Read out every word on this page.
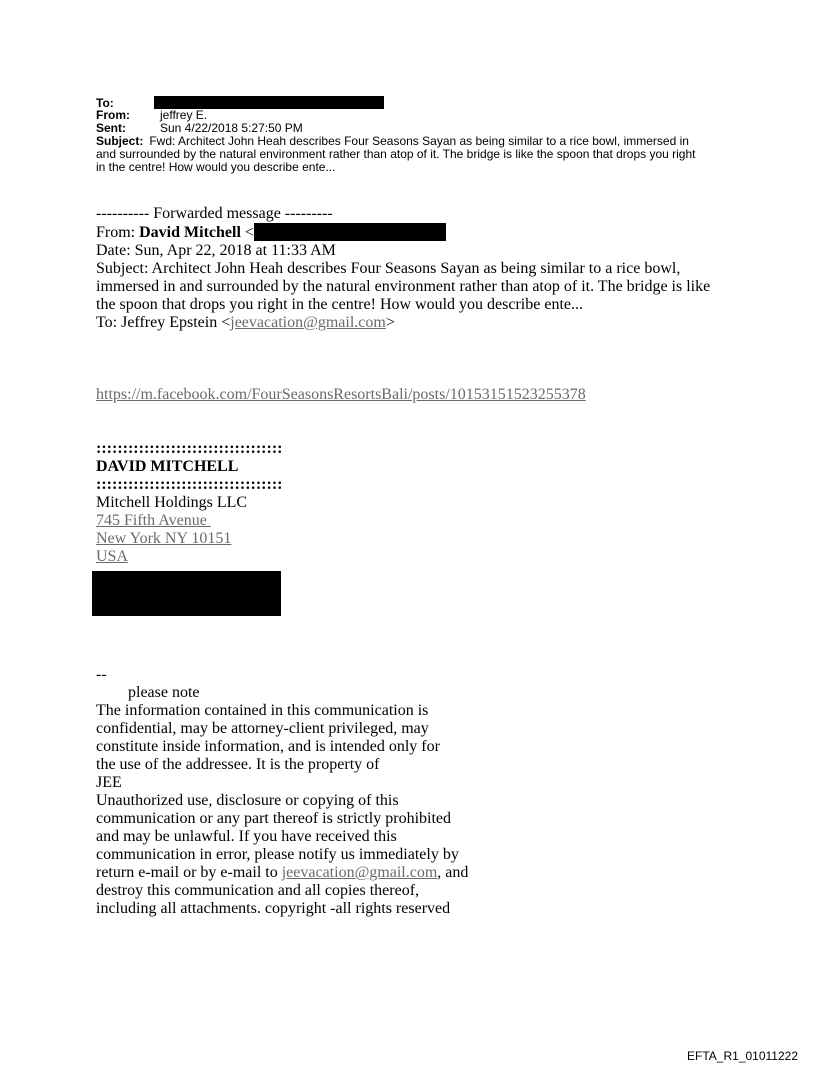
To:
From:	jeffrey E.
Sent:	Sun 4/22/2018 5:27:50 PM
Subject: Fwd: Architect John Heah describes Four Seasons Sayan as being similar to a rice bowl, immersed in and surrounded by the natural environment rather than atop of it. The bridge is like the spoon that drops you right in the centre! How would you describe ente...
---------- Forwarded message ---------
From: David Mitchell <
Date: Sun, Apr 22, 2018 at 11:33 AM
Subject: Architect John Heah describes Four Seasons Sayan as being similar to a rice bowl,
immersed in and surrounded by the natural environment rather than atop of it. The bridge is like
the spoon that drops you right in the centre! How would you describe ente...
To: Jeffrey Epstein <jeevacation@gmail.com>
https://m.facebook.com/FourSeasonsResortsBali/posts/10153151523255378
:::::::::::::::::::::::::::::::::::
DAVID MITCHELL
:::::::::::::::::::::::::::::::::::
Mitchell Holdings LLC
745 Fifth Avenue
New York NY 10151
USA
--
please note
The information contained in this communication is
confidential, may be attorney-client privileged, may
constitute inside information, and is intended only for
the use of the addressee. It is the property of
JEE
Unauthorized use, disclosure or copying of this
communication or any part thereof is strictly prohibited
and may be unlawful. If you have received this
communication in error, please notify us immediately by
return e-mail or by e-mail to jeevacation@gmail.com, and
destroy this communication and all copies thereof,
including all attachments. copyright -all rights reserved
EFTA_R1_01011222
